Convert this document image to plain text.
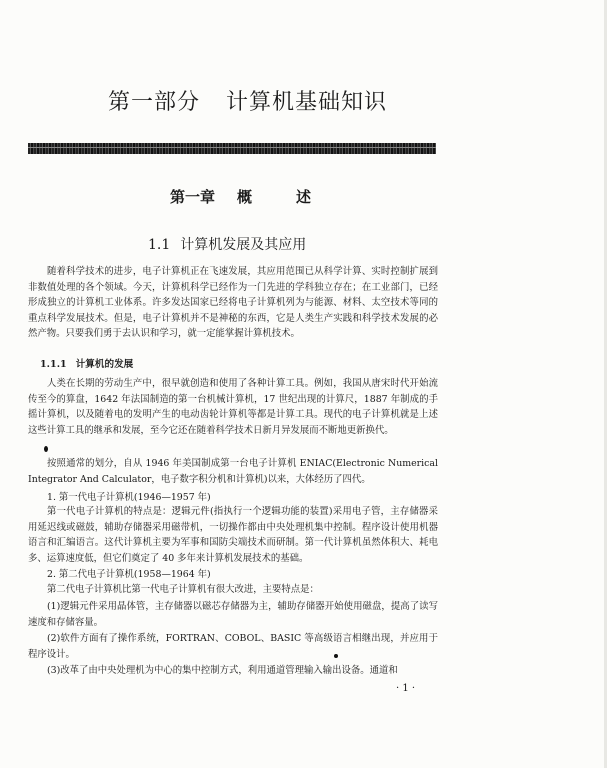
第一部分 计算机基础知识
第一章 概	述
1.1 计算机发展及其应用

随着科学技术的进步，电子计算机正在飞速发展，其应用范围已从科学计算、实时控制扩展到非数值处理的各个领域。今天，计算机科学已经作为一门先进的学科独立存在；在工业部门，已经形成独立的计算机工业体系。许多发达国家已经将电子计算机列为与能源、材料、太空技术等同的重点科学发展技术。但是，电子计算机并不是神秘的东西，它是人类生产实践和科学技术发展的必然产物。只要我们勇于去认识和学习，就一定能掌握计算机技术。

1.1.1 计算机的发展

人类在长期的劳动生产中，很早就创造和使用了各种计算工具。例如，我国从唐宋时代开始流传至今的算盘，1642 年法国制造的第一台机械计算机，17 世纪出现的计算尺，1887 年制成的手摇计算机，以及随着电的发明产生的电动齿轮计算机等都是计算工具。现代的电子计算机就是上述这些计算工具的继承和发展，至今它还在随着科学技术日新月异发展而不断地更新换代。

按照通常的划分，自从 1946 年美国制成第一台电子计算机 ENIAC(Electronic Numerical Integrator And Calculator，电子数字积分机和计算机)以来，大体经历了四代。

1. 第一代电子计算机(1946—1957 年)

第一代电子计算机的特点是：逻辑元件(指执行一个逻辑功能的装置)采用电子管，主存储器采用延迟线或磁鼓，辅助存储器采用磁带机，一切操作都由中央处理机集中控制。程序设计使用机器语言和汇编语言。这代计算机主要为军事和国防尖端技术而研制。第一代计算机虽然体积大、耗电多、运算速度低，但它们奠定了 40 多年来计算机发展技术的基础。

2. 第二代电子计算机(1958—1964 年)

第二代电子计算机比第一代电子计算机有很大改进，主要特点是：

(1)逻辑元件采用晶体管，主存储器以磁芯存储器为主，辅助存储器开始使用磁盘，提高了读写速度和存储容量。

(2)软件方面有了操作系统，FORTRAN、COBOL、BASIC 等高级语言相继出现，并应用于程序设计。

(3)改革了由中央处理机为中心的集中控制方式，利用通道管理输入输出设备。通道和

· 1 ·
